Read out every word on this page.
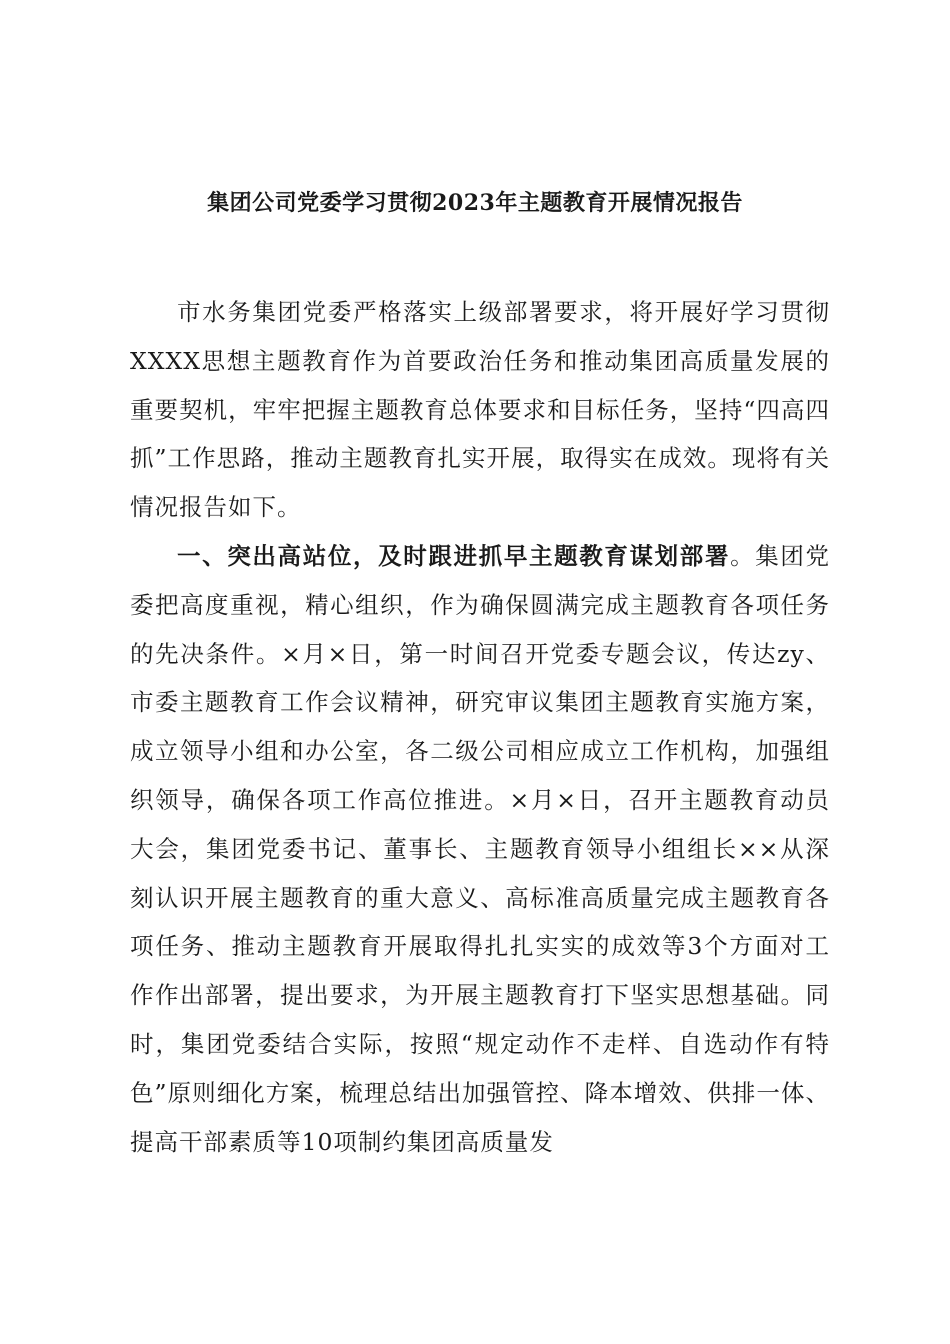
集团公司党委学习贯彻2023年主题教育开展情况报告

市水务集团党委严格落实上级部署要求，将开展好学习贯彻XXXX思想主题教育作为首要政治任务和推动集团高质量发展的重要契机，牢牢把握主题教育总体要求和目标任务，坚持“四高四抓”工作思路，推动主题教育扎实开展，取得实在成效。现将有关情况报告如下。

一、突出高站位，及时跟进抓早主题教育谋划部署。集团党委把高度重视，精心组织，作为确保圆满完成主题教育各项任务的先决条件。×月×日，第一时间召开党委专题会议，传达zy、市委主题教育工作会议精神，研究审议集团主题教育实施方案，成立领导小组和办公室，各二级公司相应成立工作机构，加强组织领导，确保各项工作高位推进。×月×日，召开主题教育动员大会，集团党委书记、董事长、主题教育领导小组组长××从深刻认识开展主题教育的重大意义、高标准高质量完成主题教育各项任务、推动主题教育开展取得扎扎实实的成效等3个方面对工作作出部署，提出要求，为开展主题教育打下坚实思想基础。同时，集团党委结合实际，按照“规定动作不走样、自选动作有特色”原则细化方案，梳理总结出加强管控、降本增效、供排一体、提高干部素质等10项制约集团高质量发
